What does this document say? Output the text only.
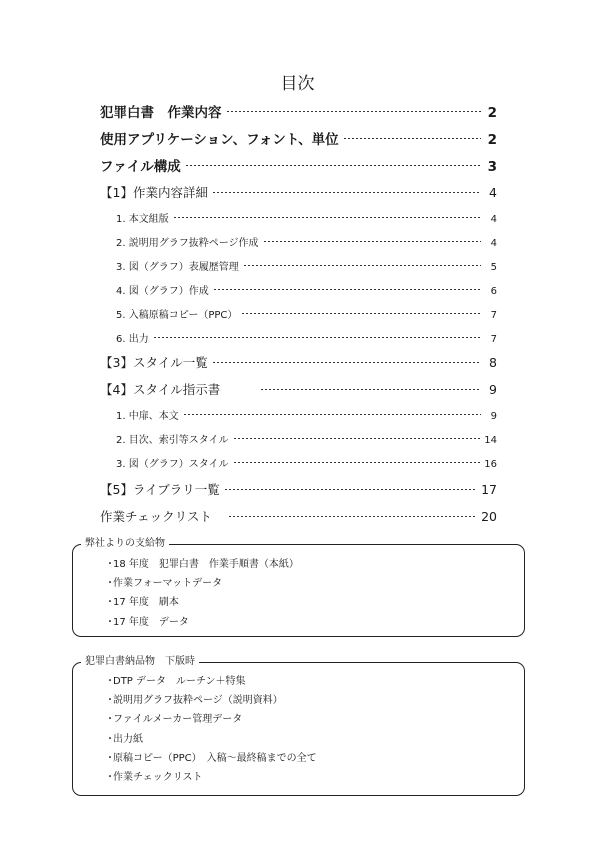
目次
犯罪白書　作業内容	2
使用アプリケーション、フォント、単位	2
ファイル構成	3
【1】作業内容詳細	4
1. 本文組版	4
2. 説明用グラフ抜粋ページ作成	4
3. 図（グラフ）表履歴管理	5
4. 図（グラフ）作成	6
5. 入稿原稿コピー（PPC）	7
6. 出力	7
【3】スタイル一覧	8
【4】スタイル指示書	9
1. 中扉、本文	9
2. 目次、索引等スタイル	14
3. 図（グラフ）スタイル	16
【5】ライブラリ一覧	17
作業チェックリスト	20
弊社よりの支給物
・18 年度　犯罪白書　作業手順書（本紙）
・作業フォーマットデータ
・17 年度　刷本
・17 年度　データ
犯罪白書納品物　下版時
・DTP データ　ルーチン＋特集
・説明用グラフ抜粋ページ（説明資料）
・ファイルメーカー管理データ
・出力紙
・原稿コピー（PPC）　入稿〜最終稿までの全て
・作業チェックリスト
